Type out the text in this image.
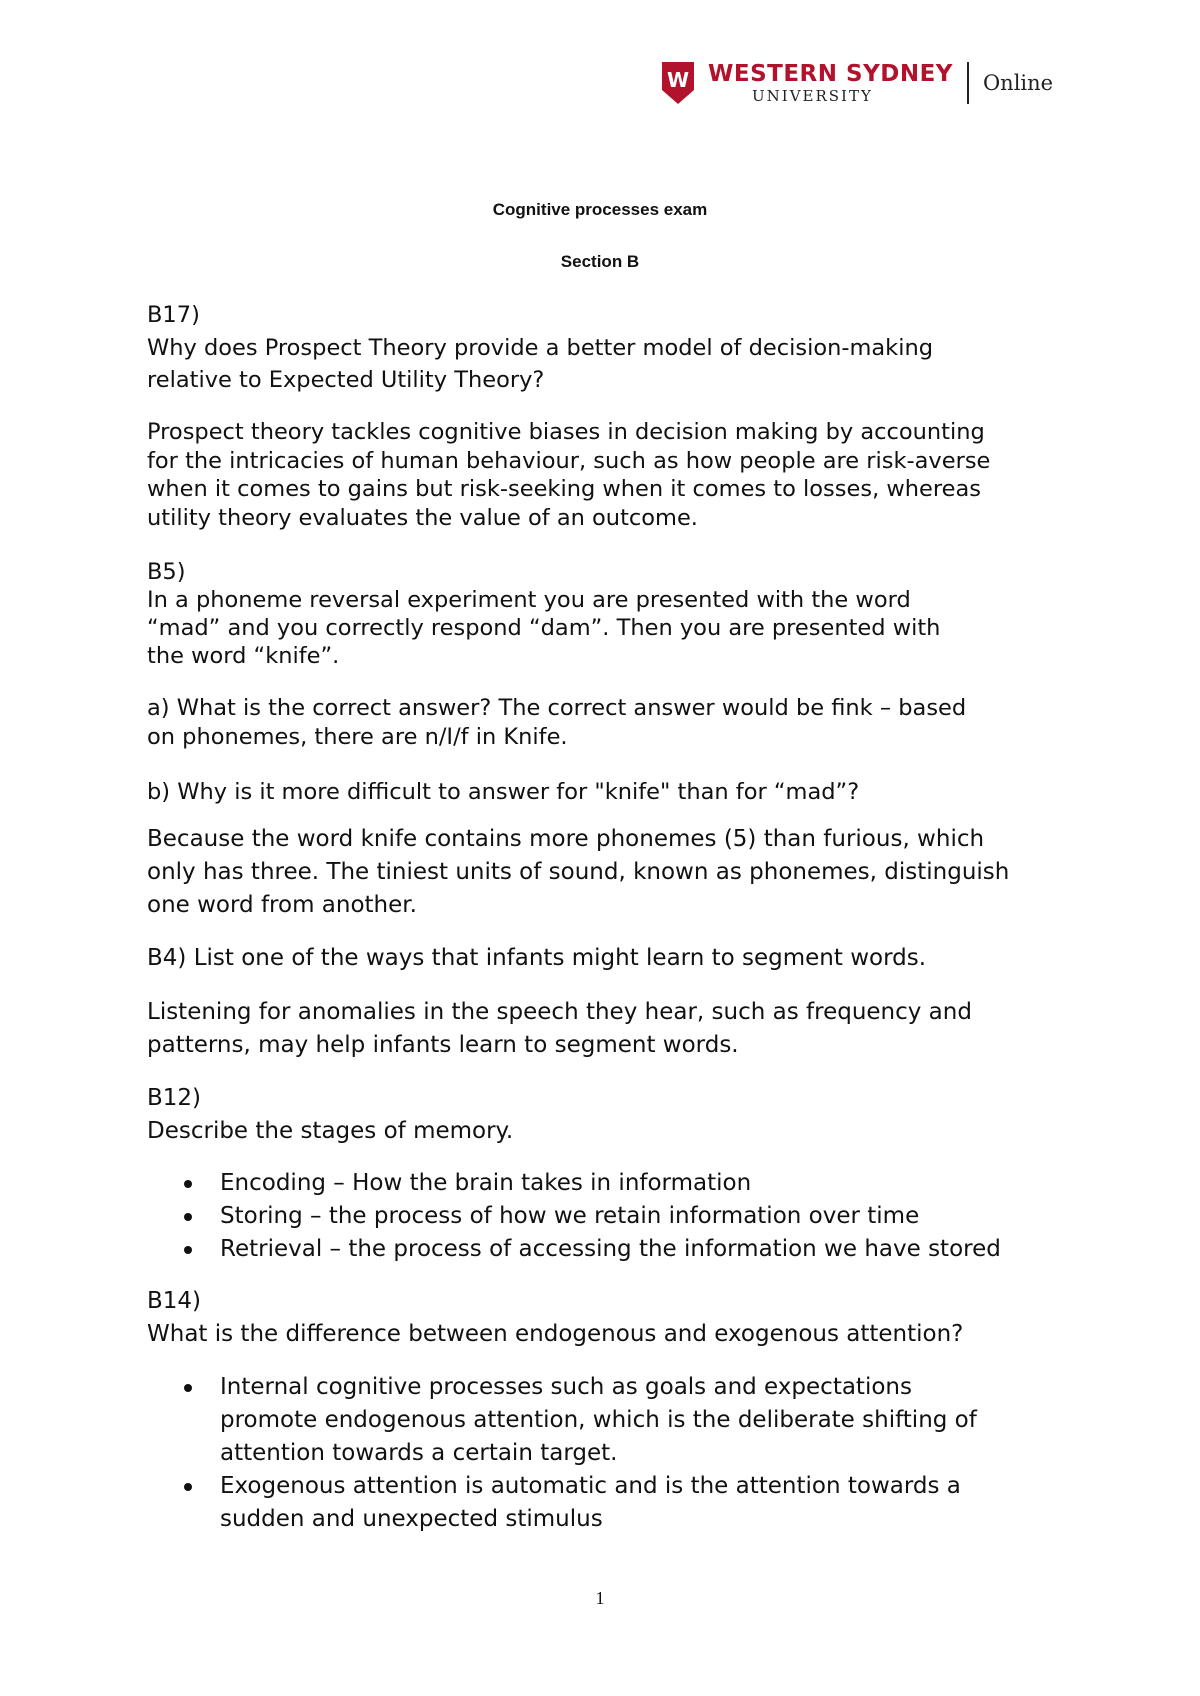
W WESTERN SYDNEY
UNIVERSITY
Online
Cognitive processes exam
Section B
B17)
Why does Prospect Theory provide a better model of decision-making
relative to Expected Utility Theory?
Prospect theory tackles cognitive biases in decision making by accounting
for the intricacies of human behaviour, such as how people are risk-averse
when it comes to gains but risk-seeking when it comes to losses, whereas
utility theory evaluates the value of an outcome.
B5)
In a phoneme reversal experiment you are presented with the word
“mad” and you correctly respond “dam”. Then you are presented with
the word “knife”.
a) What is the correct answer? The correct answer would be fink – based
on phonemes, there are n/I/f in Knife.
b) Why is it more difficult to answer for "knife" than for “mad”?
Because the word knife contains more phonemes (5) than furious, which
only has three. The tiniest units of sound, known as phonemes, distinguish
one word from another.
B4) List one of the ways that infants might learn to segment words.
Listening for anomalies in the speech they hear, such as frequency and
patterns, may help infants learn to segment words.
B12)
Describe the stages of memory.
Encoding – How the brain takes in information
Storing – the process of how we retain information over time
Retrieval – the process of accessing the information we have stored
B14)
What is the difference between endogenous and exogenous attention?
Internal cognitive processes such as goals and expectations
promote endogenous attention, which is the deliberate shifting of
attention towards a certain target.
Exogenous attention is automatic and is the attention towards a
sudden and unexpected stimulus
1
